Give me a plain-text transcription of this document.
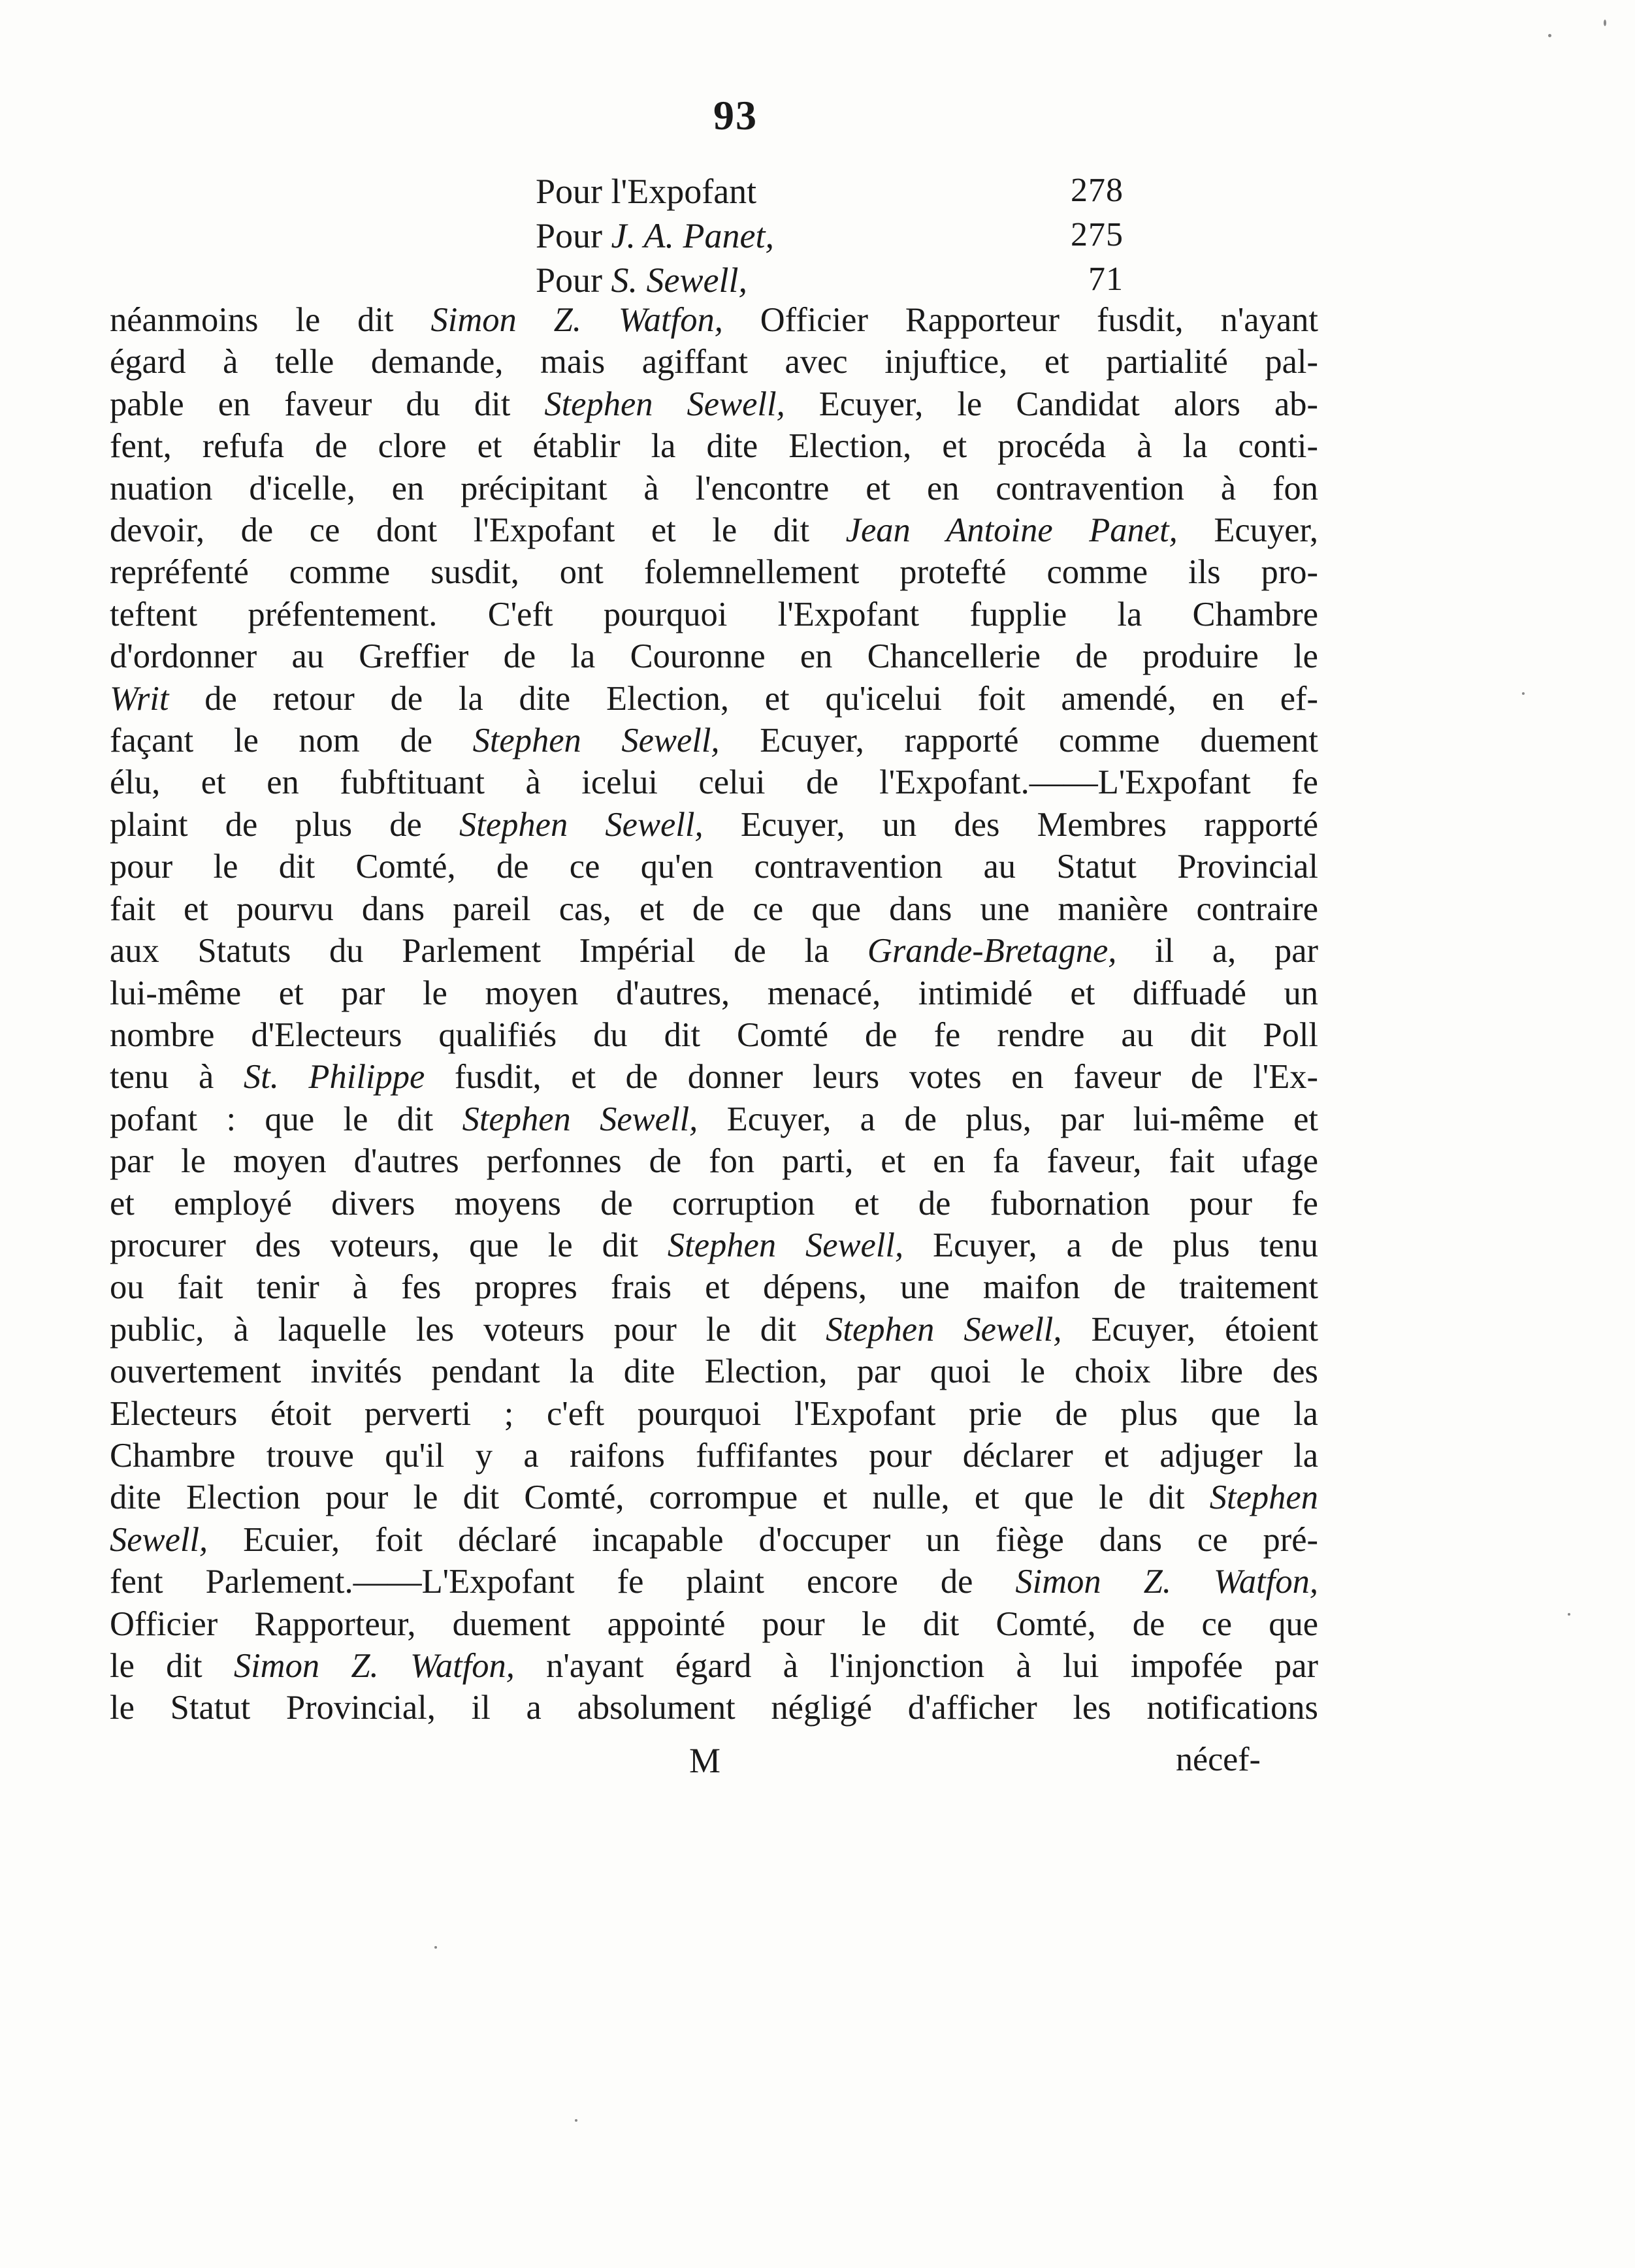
93
Pour l'Expofant	278
Pour J. A. Panet,	275
Pour S. Sewell,	71
néanmoins le dit Simon Z. Watfon, Officier Rapporteur fusdit, n'ayant
égard à telle demande, mais agiffant avec injuftice, et partialité pal-
pable en faveur du dit Stephen Sewell, Ecuyer, le Candidat alors ab-
fent, refufa de clore et établir la dite Election, et procéda à la conti-
nuation d'icelle, en précipitant à l'encontre et en contravention à fon
devoir, de ce dont l'Expofant et le dit Jean Antoine Panet, Ecuyer,
repréfenté comme susdit, ont folemnellement protefté comme ils pro-
teftent préfentement. C'eft pourquoi l'Expofant fupplie la Chambre
d'ordonner au Greffier de la Couronne en Chancellerie de produire le
Writ de retour de la dite Election, et qu'icelui foit amendé, en ef-
façant le nom de Stephen Sewell, Ecuyer, rapporté comme duement
élu, et en fubftituant à icelui celui de l'Expofant.——L'Expofant fe
plaint de plus de Stephen Sewell, Ecuyer, un des Membres rapporté
pour le dit Comté, de ce qu'en contravention au Statut Provincial
fait et pourvu dans pareil cas, et de ce que dans une manière contraire
aux Statuts du Parlement Impérial de la Grande-Bretagne, il a, par
lui-même et par le moyen d'autres, menacé, intimidé et diffuadé un
nombre d'Electeurs qualifiés du dit Comté de fe rendre au dit Poll
tenu à St. Philippe fusdit, et de donner leurs votes en faveur de l'Ex-
pofant : que le dit Stephen Sewell, Ecuyer, a de plus, par lui-même et
par le moyen d'autres perfonnes de fon parti, et en fa faveur, fait ufage
et employé divers moyens de corruption et de fubornation pour fe
procurer des voteurs, que le dit Stephen Sewell, Ecuyer, a de plus tenu
ou fait tenir à fes propres frais et dépens, une maifon de traitement
public, à laquelle les voteurs pour le dit Stephen Sewell, Ecuyer, étoient
ouvertement invités pendant la dite Election, par quoi le choix libre des
Electeurs étoit perverti ; c'eft pourquoi l'Expofant prie de plus que la
Chambre trouve qu'il y a raifons fuffifantes pour déclarer et adjuger la
dite Election pour le dit Comté, corrompue et nulle, et que le dit Stephen
Sewell, Ecuier, foit déclaré incapable d'occuper un fiège dans ce pré-
fent Parlement.——L'Expofant fe plaint encore de Simon Z. Watfon,
Officier Rapporteur, duement appointé pour le dit Comté, de ce que
le dit Simon Z. Watfon, n'ayant égard à l'injonction à lui impofée par
le Statut Provincial, il a absolument négligé d'afficher les notifications
M	nécef-
